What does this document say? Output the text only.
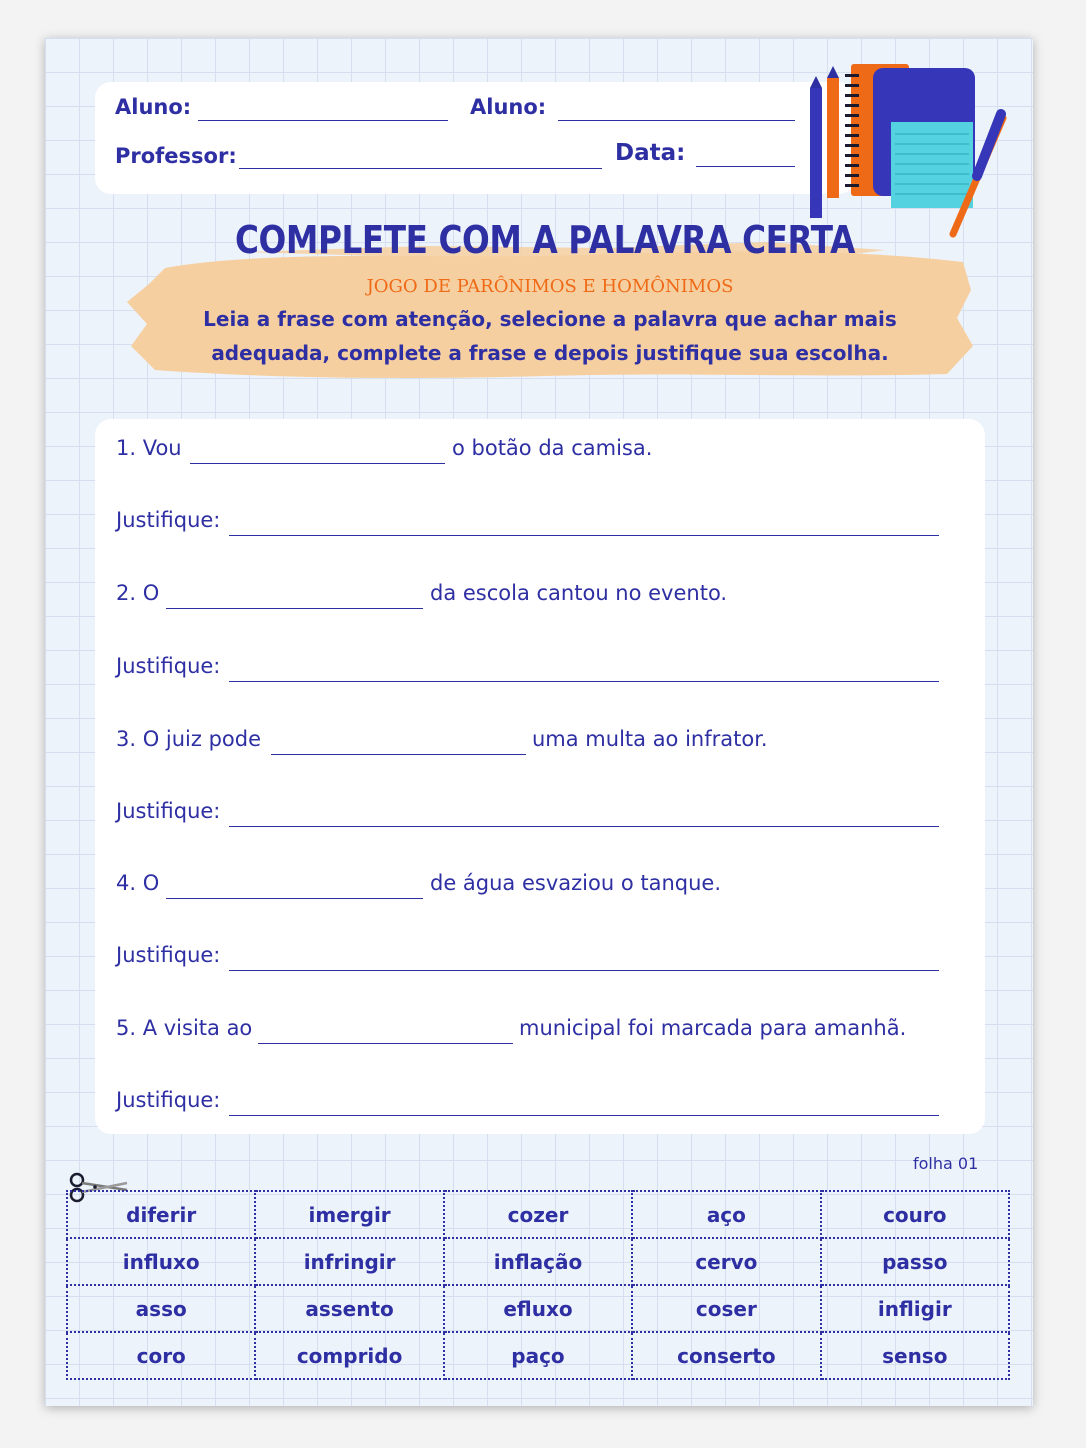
Aluno:	Aluno:
Professor:	Data:
COMPLETE COM A PALAVRA CERTA
JOGO DE PARÔNIMOS E HOMÔNIMOS
Leia a frase com atenção, selecione a palavra que achar mais
adequada, complete a frase e depois justifique sua escolha.
1. Vou	o botão da camisa.
Justifique:
2. O	da escola cantou no evento.
Justifique:
3. O juiz pode	uma multa ao infrator.
Justifique:
4. O	de água esvaziou o tanque.
Justifique:
5. A visita ao	municipal foi marcada para amanhã.
Justifique:
folha 01
diferir	imergir	cozer	aço	couro
influxo	infringir	inflação	cervo	passo
asso	assento	efluxo	coser	infligir
coro	comprido	paço	conserto	senso
